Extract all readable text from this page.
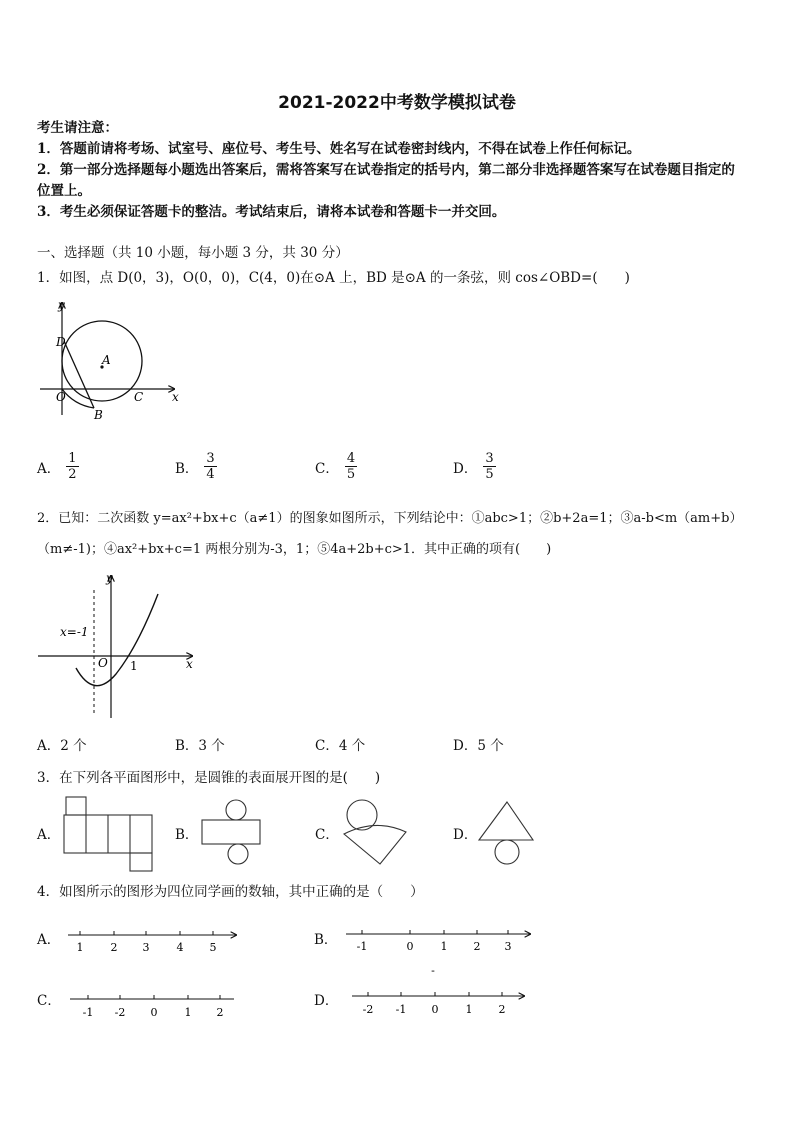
2021-2022中考数学模拟试卷
考生请注意：
1．答题前请将考场、试室号、座位号、考生号、姓名写在试卷密封线内，不得在试卷上作任何标记。
2．第一部分选择题每小题选出答案后，需将答案写在试卷指定的括号内，第二部分非选择题答案写在试卷题目指定的
位置上。
3．考生必须保证答题卡的整洁。考试结束后，请将本试卷和答题卡一并交回。
一、选择题（共 10 小题，每小题 3 分，共 30 分）
1．如图，点 D(0，3)，O(0，0)，C(4，0)在⊙A 上，BD 是⊙A 的一条弦，则 cos∠OBD=(　　)
y
x
D
A
O	C
B
A． $\frac{1}{2}$	B． $\frac{3}{4}$	C． $\frac{4}{5}$	D． $\frac{3}{5}$
2．已知：二次函数 y=ax²+bx+c（a≠1）的图象如图所示，下列结论中：①abc>1；②b+2a=1；③a-b<m（am+b）
（m≠-1)；④ax²+bx+c=1 两根分别为-3，1；⑤4a+2b+c>1．其中正确的项有(　　)
y
x
x=-1
O 1
A．2 个	B．3 个	C．4 个	D．5 个
3．在下列各平面图形中，是圆锥的表面展开图的是(　　)
A．	B．	C．	D．
4．如图所示的图形为四位同学画的数轴，其中正确的是（　　）
A． 1 2 3 4 5	B． -1	0 1 2 3
-
C．
-1 -2 0 1 2
D．
-2 -1 0 1 2
